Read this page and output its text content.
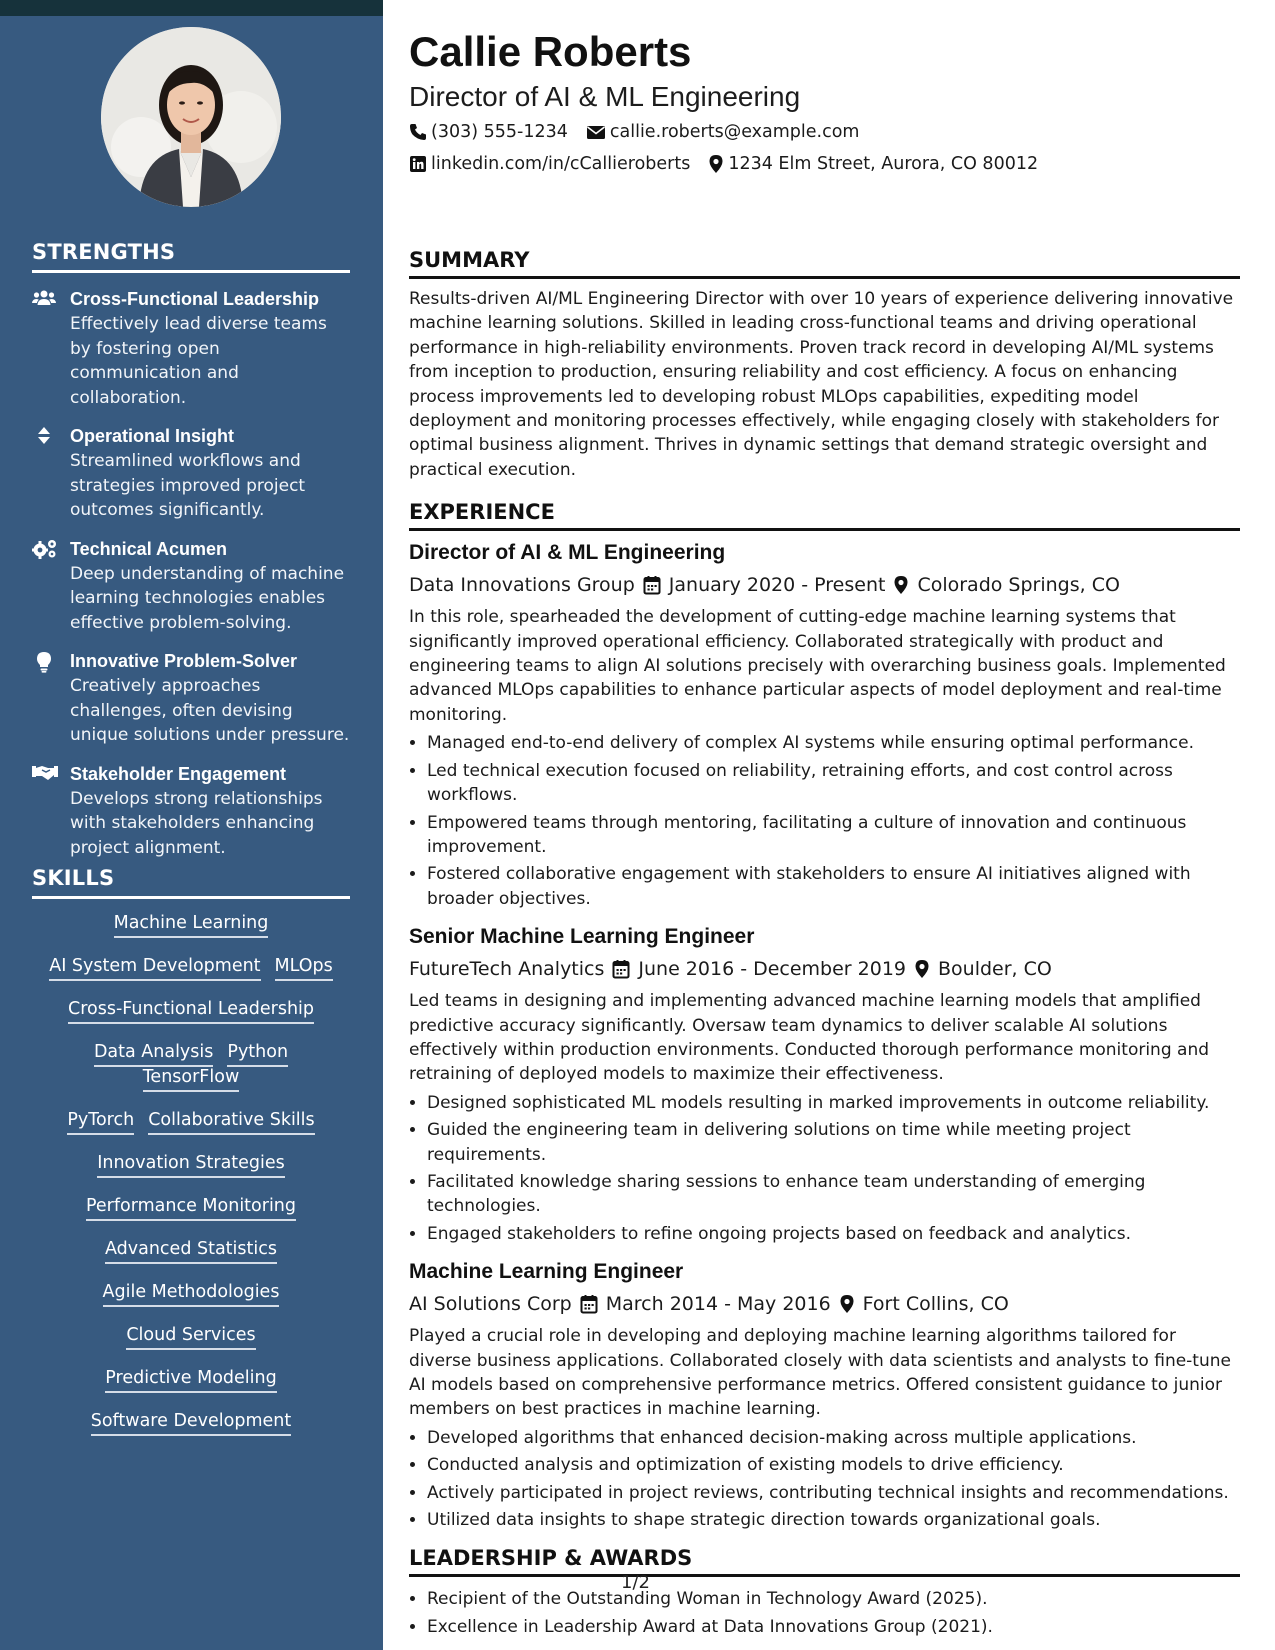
STRENGTHS
Cross-Functional Leadership
Effectively lead diverse teams by fostering open communication and collaboration.
Operational Insight
Streamlined workflows and strategies improved project outcomes significantly.
Technical Acumen
Deep understanding of machine learning technologies enables effective problem-solving.
Innovative Problem-Solver
Creatively approaches challenges, often devising unique solutions under pressure.
Stakeholder Engagement
Develops strong relationships with stakeholders enhancing project alignment.
SKILLS
Machine Learning
AI System Development MLOps
Cross-Functional Leadership
Data Analysis PythonTensorFlow
PyTorch Collaborative Skills
Innovation Strategies
Performance Monitoring
Advanced Statistics
Agile Methodologies
Cloud Services
Predictive Modeling
Software Development
Callie Roberts
Director of AI & ML Engineering
(303) 555-1234 callie.roberts@example.com
linkedin.com/in/cCallieroberts 1234 Elm Street, Aurora, CO 80012
SUMMARY

Results-driven AI/ML Engineering Director with over 10 years of experience delivering innovative machine learning solutions. Skilled in leading cross-functional teams and driving operational performance in high-reliability environments. Proven track record in developing AI/ML systems from inception to production, ensuring reliability and cost efficiency. A focus on enhancing process improvements led to developing robust MLOps capabilities, expediting model deployment and monitoring processes effectively, while engaging closely with stakeholders for optimal business alignment. Thrives in dynamic settings that demand strategic oversight and practical execution.

EXPERIENCE
Director of AI & ML Engineering
Data Innovations Group January 2020 - Present Colorado Springs, CO

In this role, spearheaded the development of cutting-edge machine learning systems that significantly improved operational efficiency. Collaborated strategically with product and engineering teams to align AI solutions precisely with overarching business goals. Implemented advanced MLOps capabilities to enhance particular aspects of model deployment and real-time monitoring.

• Managed end-to-end delivery of complex AI systems while ensuring optimal performance.
• Led technical execution focused on reliability, retraining efforts, and cost control across workflows.
• Empowered teams through mentoring, facilitating a culture of innovation and continuous improvement.
• Fostered collaborative engagement with stakeholders to ensure AI initiatives aligned with broader objectives.
Senior Machine Learning Engineer
FutureTech Analytics June 2016 - December 2019 Boulder, CO

Led teams in designing and implementing advanced machine learning models that amplified predictive accuracy significantly. Oversaw team dynamics to deliver scalable AI solutions effectively within production environments. Conducted thorough performance monitoring and retraining of deployed models to maximize their effectiveness.

• Designed sophisticated ML models resulting in marked improvements in outcome reliability.
• Guided the engineering team in delivering solutions on time while meeting project requirements.
• Facilitated knowledge sharing sessions to enhance team understanding of emerging technologies.
• Engaged stakeholders to refine ongoing projects based on feedback and analytics.
Machine Learning Engineer
AI Solutions Corp March 2014 - May 2016 Fort Collins, CO

Played a crucial role in developing and deploying machine learning algorithms tailored for diverse business applications. Collaborated closely with data scientists and analysts to fine-tune AI models based on comprehensive performance metrics. Offered consistent guidance to junior members on best practices in machine learning.

• Developed algorithms that enhanced decision-making across multiple applications.
• Conducted analysis and optimization of existing models to drive efficiency.
• Actively participated in project reviews, contributing technical insights and recommendations.
• Utilized data insights to shape strategic direction towards organizational goals.
LEADERSHIP & AWARDS
• Recipient of the Outstanding Woman in Technology Award (2025).
• Excellence in Leadership Award at Data Innovations Group (2021).
1/2
